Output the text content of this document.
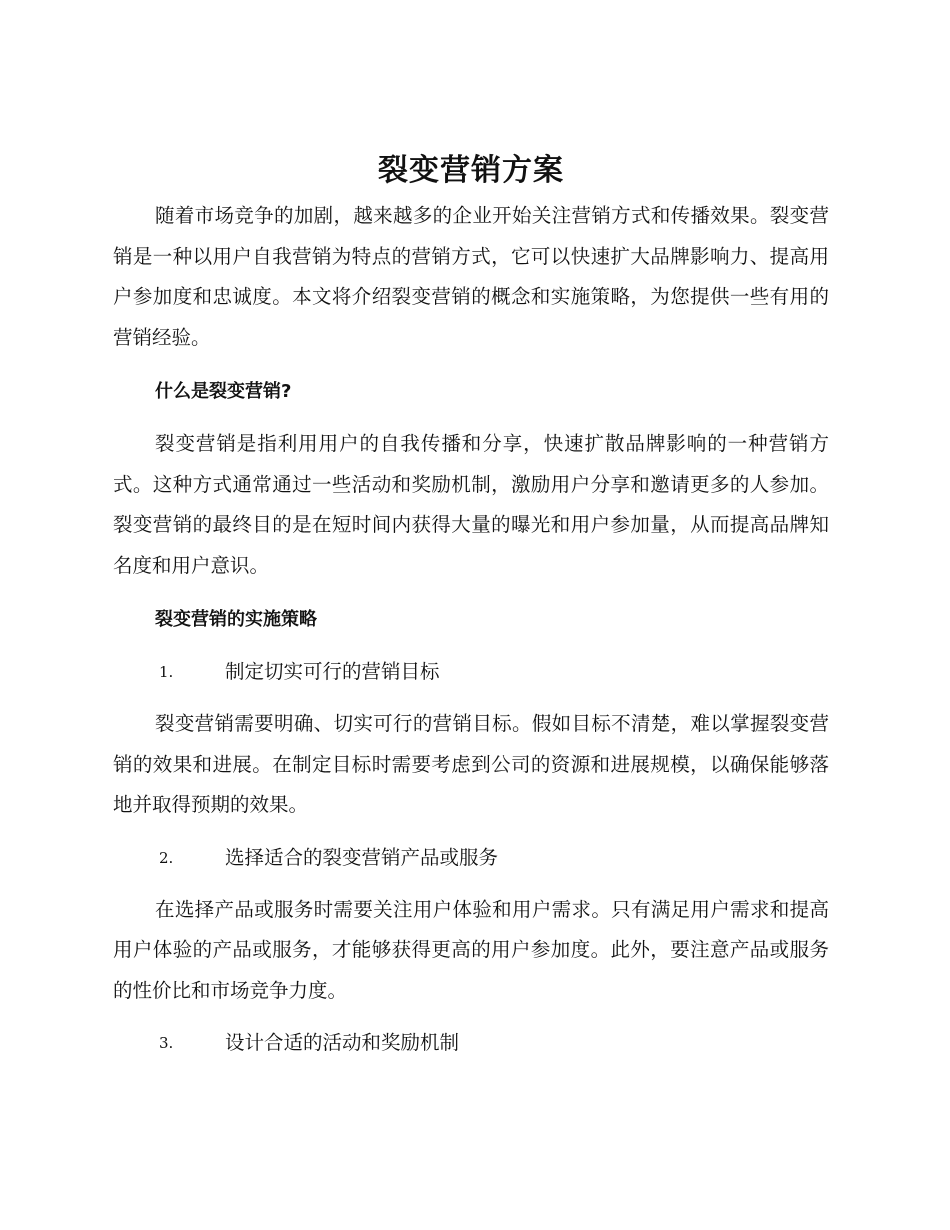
裂变营销方案

随着市场竞争的加剧，越来越多的企业开始关注营销方式和传播效果。裂变营销是一种以用户自我营销为特点的营销方式，它可以快速扩大品牌影响力、提高用户参加度和忠诚度。本文将介绍裂变营销的概念和实施策略，为您提供一些有用的营销经验。

什么是裂变营销?

裂变营销是指利用用户的自我传播和分享，快速扩散品牌影响的一种营销方式。这种方式通常通过一些活动和奖励机制，激励用户分享和邀请更多的人参加。裂变营销的最终目的是在短时间内获得大量的曝光和用户参加量，从而提高品牌知名度和用户意识。

裂变营销的实施策略
1.	制定切实可行的营销目标

裂变营销需要明确、切实可行的营销目标。假如目标不清楚，难以掌握裂变营销的效果和进展。在制定目标时需要考虑到公司的资源和进展规模，以确保能够落地并取得预期的效果。

2.	选择适合的裂变营销产品或服务

在选择产品或服务时需要关注用户体验和用户需求。只有满足用户需求和提高用户体验的产品或服务，才能够获得更高的用户参加度。此外，要注意产品或服务的性价比和市场竞争力度。

3.	设计合适的活动和奖励机制
